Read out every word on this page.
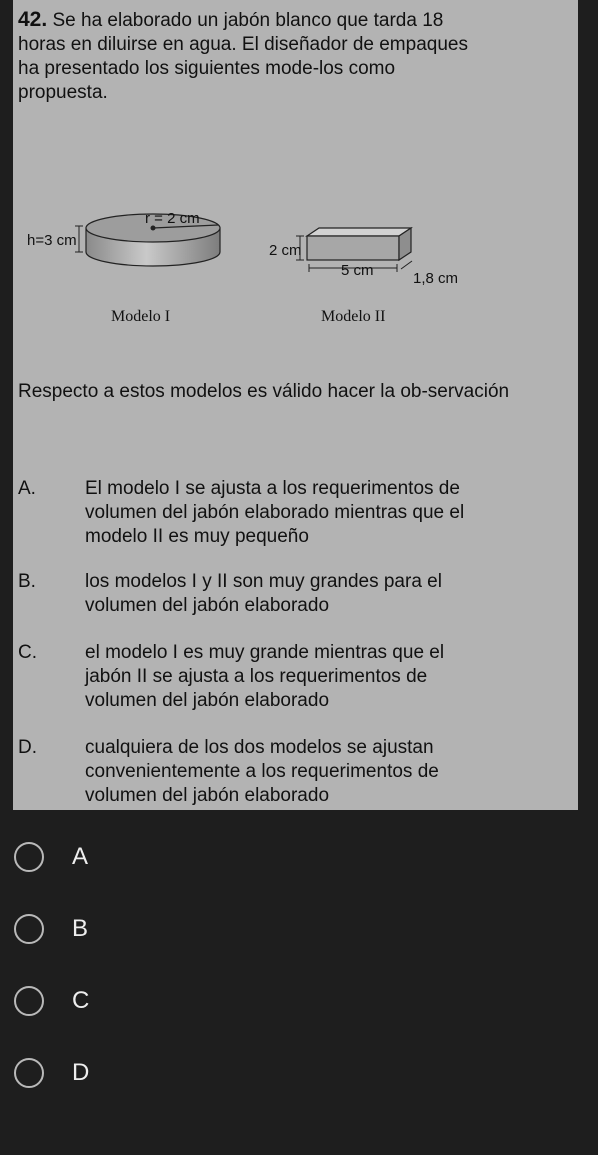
42. Se ha elaborado un jabón blanco que tarda 18 horas en diluirse en agua. El diseñador de empaques ha presentado los siguientes mode-los como propuesta.
r = 2 cm
h=3 cm
2 cm
5 cm	1,8 cm
Modelo I	Modelo II
Respecto a estos modelos es válido hacer la ob-servación
A.	El modelo I se ajusta a los requerimentos de volumen del jabón elaborado mientras que el modelo II es muy pequeño
B.	los modelos I y II son muy grandes para el volumen del jabón elaborado
C.	el modelo I es muy grande mientras que el jabón II se ajusta a los requerimentos de volumen del jabón elaborado
D.	cualquiera de los dos modelos se ajustan convenientemente a los requerimentos de volumen del jabón elaborado
A
B
C
D
